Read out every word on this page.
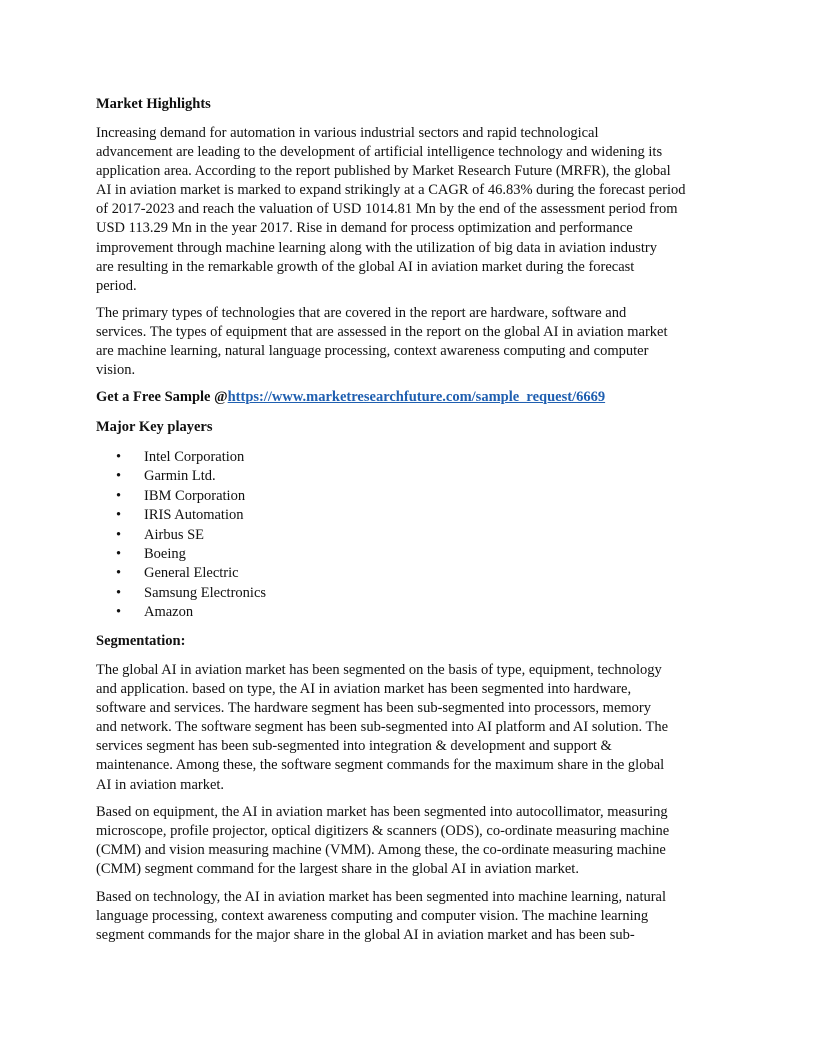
Market Highlights
Increasing demand for automation in various industrial sectors and rapid technological
advancement are leading to the development of artificial intelligence technology and widening its
application area. According to the report published by Market Research Future (MRFR), the global
AI in aviation market is marked to expand strikingly at a CAGR of 46.83% during the forecast period
of 2017-2023 and reach the valuation of USD 1014.81 Mn by the end of the assessment period from
USD 113.29 Mn in the year 2017. Rise in demand for process optimization and performance
improvement through machine learning along with the utilization of big data in aviation industry
are resulting in the remarkable growth of the global AI in aviation market during the forecast
period.
The primary types of technologies that are covered in the report are hardware, software and
services. The types of equipment that are assessed in the report on the global AI in aviation market
are machine learning, natural language processing, context awareness computing and computer
vision.
Get a Free Sample @https://www.marketresearchfuture.com/sample_request/6669
Major Key players
• Intel Corporation
• Garmin Ltd.
• IBM Corporation
• IRIS Automation
• Airbus SE
• Boeing
• General Electric
• Samsung Electronics
• Amazon
Segmentation:
The global AI in aviation market has been segmented on the basis of type, equipment, technology
and application. based on type, the AI in aviation market has been segmented into hardware,
software and services. The hardware segment has been sub-segmented into processors, memory
and network. The software segment has been sub-segmented into AI platform and AI solution. The
services segment has been sub-segmented into integration & development and support &
maintenance. Among these, the software segment commands for the maximum share in the global
AI in aviation market.
Based on equipment, the AI in aviation market has been segmented into autocollimator, measuring
microscope, profile projector, optical digitizers & scanners (ODS), co-ordinate measuring machine
(CMM) and vision measuring machine (VMM). Among these, the co-ordinate measuring machine
(CMM) segment command for the largest share in the global AI in aviation market.
Based on technology, the AI in aviation market has been segmented into machine learning, natural
language processing, context awareness computing and computer vision. The machine learning
segment commands for the major share in the global AI in aviation market and has been sub-
